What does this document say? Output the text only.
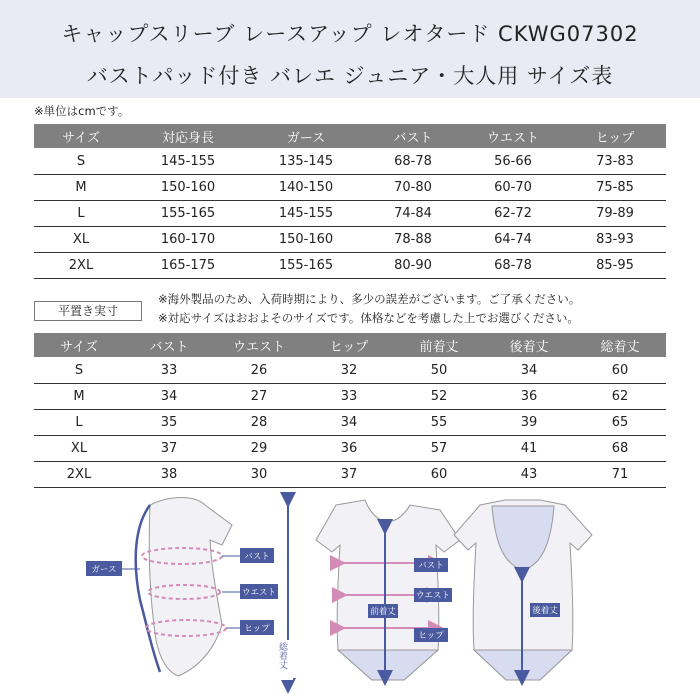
キャップスリーブ レースアップ レオタード CKWG07302
バストパッド付き バレエ ジュニア・大人用 サイズ表
※単位はcmです。
サイズ	対応身長	ガース	バスト	ウエスト	ヒップ
S	145-155	135-145	68-78	56-66	73-83
M	150-160	140-150	70-80	60-70	75-85
L	155-165	145-155	74-84	62-72	79-89
XL	160-170	150-160	78-88	64-74	83-93
2XL	165-175	155-165	80-90	68-78	85-95
平置き実寸
※海外製品のため、入荷時期により、多少の誤差がございます。ご了承ください。
※対応サイズはおおよそのサイズです。体格などを考慮した上でお選びください。
サイズ	バスト	ウエスト	ヒップ	前着丈	後着丈	総着丈
S	33	26	32	50	34	60
M	34	27	33	52	36	62
L	35	28	34	55	39	65
XL	37	29	36	57	41	68
2XL	38	30	37	60	43	71
ガース
バスト
ウエスト
ヒップ
総着丈
前着丈
バスト
ウエスト
ヒップ
後着丈
